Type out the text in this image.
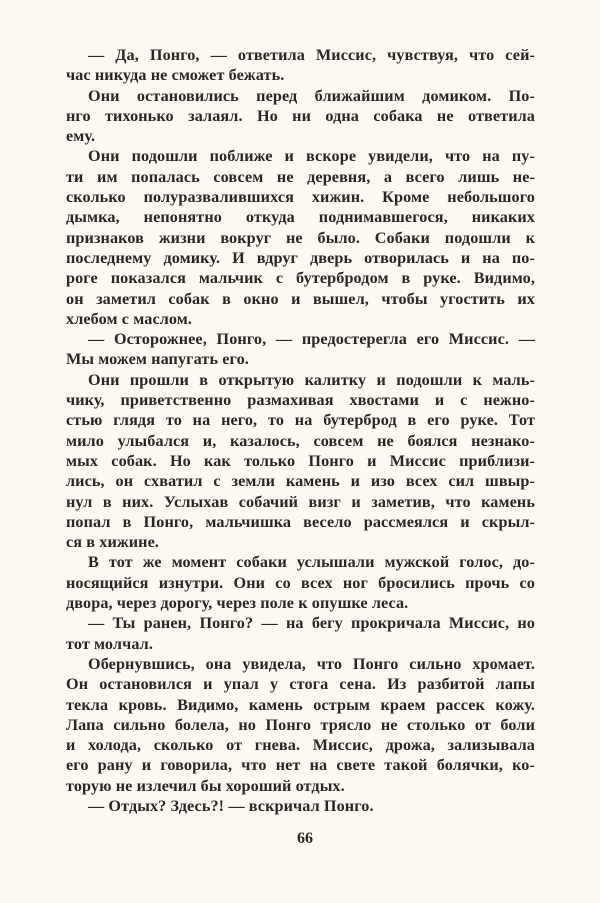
— Да, Понго, — ответила Миссис, чувствуя, что сей-
час никуда не сможет бежать.
Они остановились перед ближайшим домиком. По-
нго тихонько залаял. Но ни одна собака не ответила
ему.
Они подошли поближе и вскоре увидели, что на пу-
ти им попалась совсем не деревня, а всего лишь не-
сколько полуразвалившихся хижин. Кроме небольшого
дымка, непонятно откуда поднимавшегося, никаких
признаков жизни вокруг не было. Собаки подошли к
последнему домику. И вдруг дверь отворилась и на по-
роге показался мальчик с бутербродом в руке. Видимо,
он заметил собак в окно и вышел, чтобы угостить их
хлебом с маслом.
— Осторожнее, Понго, — предостерегла его Миссис. —
Мы можем напугать его.
Они прошли в открытую калитку и подошли к маль-
чику, приветственно размахивая хвостами и с нежно-
стью глядя то на него, то на бутерброд в его руке. Тот
мило улыбался и, казалось, совсем не боялся незнако-
мых собак. Но как только Понго и Миссис приблизи-
лись, он схватил с земли камень и изо всех сил швыр-
нул в них. Услыхав собачий визг и заметив, что камень
попал в Понго, мальчишка весело рассмеялся и скрыл-
ся в хижине.
В тот же момент собаки услышали мужской голос, до-
носящийся изнутри. Они со всех ног бросились прочь со
двора, через дорогу, через поле к опушке леса.
— Ты ранен, Понго? — на бегу прокричала Миссис, но
тот молчал.
Обернувшись, она увидела, что Понго сильно хромает.
Он остановился и упал у стога сена. Из разбитой лапы
текла кровь. Видимо, камень острым краем рассек кожу.
Лапа сильно болела, но Понго трясло не столько от боли
и холода, сколько от гнева. Миссис, дрожа, зализывала
его рану и говорила, что нет на свете такой болячки, ко-
торую не излечил бы хороший отдых.
— Отдых? Здесь?! — вскричал Понго.
66
